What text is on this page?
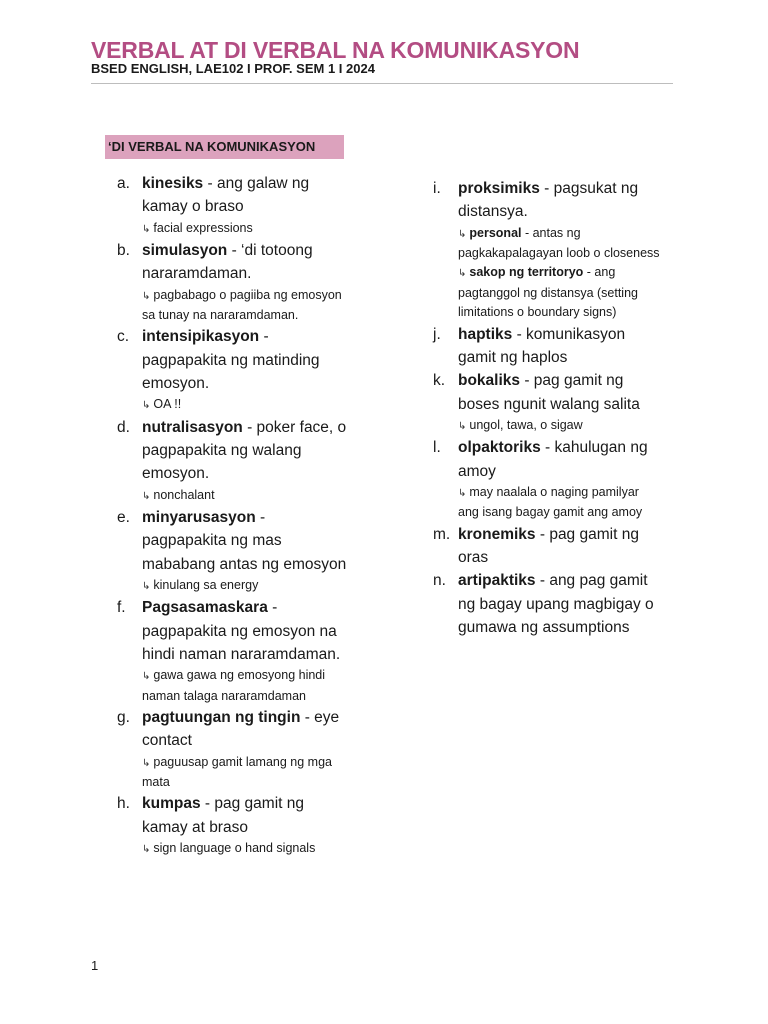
VERBAL AT DI VERBAL NA KOMUNIKASYON
BSED ENGLISH, LAE102 I PROF. SEM 1 I 2024
‘DI VERBAL NA KOMUNIKASYON
a. kinesiks - ang galaw ng kamay o braso

↳ facial expressions

b. simulasyon - ‘di totoong nararamdaman.

↳ pagbabago o pagiiba ng emosyon sa tunay na nararamdaman.

c. intensipikasyon - pagpapakita ng matinding emosyon.

↳ OA !!

d. nutralisasyon - poker face, o pagpapakita ng walang emosyon.

↳ nonchalant

e. minyarusasyon - pagpapakita ng mas mababang antas ng emosyon

↳ kinulang sa energy

f. Pagsasamaskara - pagpapakita ng emosyon na hindi naman nararamdaman.

↳ gawa gawa ng emosyong hindi naman talaga nararamdaman

g. pagtuungan ng tingin - eye contact

↳ paguusap gamit lamang ng mga mata

h. kumpas - pag gamit ng kamay at braso

↳ sign language o hand signals

i. proksimiks - pagsukat ng distansya.

↳ personal - antas ng pagkakapalagayan loob o closeness

↳ sakop ng territoryo - ang pagtanggol ng distansya (setting limitations o boundary signs)

j. haptiks - komunikasyon gamit ng haplos

k. bokaliks - pag gamit ng boses ngunit walang salita

↳ ungol, tawa, o sigaw

l. olpaktoriks - kahulugan ng amoy

↳ may naalala o naging pamilyar ang isang bagay gamit ang amoy

m. kronemiks - pag gamit ng oras

n. artipaktiks - ang pag gamit ng bagay upang magbigay o gumawa ng assumptions

1
